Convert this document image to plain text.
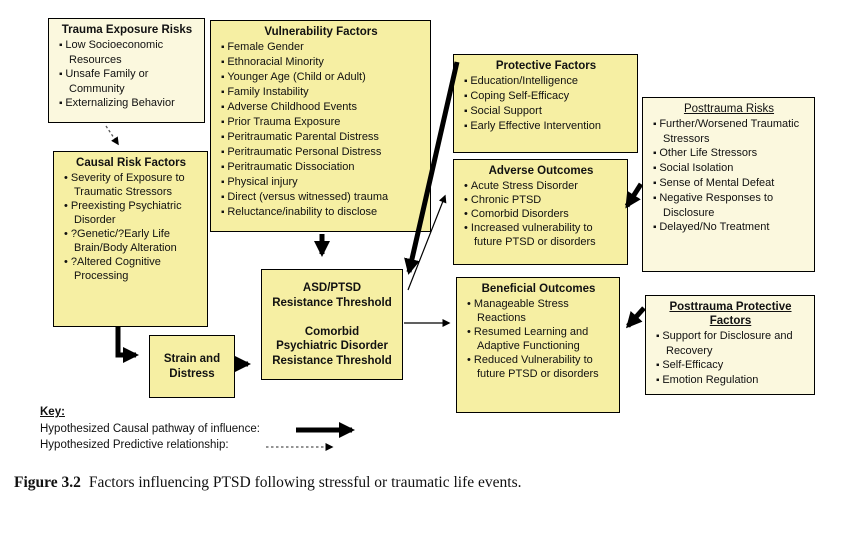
Trauma Exposure Risks
▪ Low Socioeconomic Resources
▪ Unsafe Family or Community
▪ Externalizing Behavior
Causal Risk Factors
• Severity of Exposure to Traumatic Stressors
• Preexisting Psychiatric Disorder
• ?Genetic/?Early Life Brain/Body Alteration
• ?Altered Cognitive Processing
Vulnerability Factors
▪ Female Gender
▪ Ethnoracial Minority
▪ Younger Age (Child or Adult)
▪ Family Instability
▪ Adverse Childhood Events
▪ Prior Trauma Exposure
▪ Peritraumatic Parental Distress
▪ Peritraumatic Personal Distress
▪ Peritraumatic Dissociation
▪ Physical injury
▪ Direct (versus witnessed) trauma
▪ Reluctance/inability to disclose
Protective Factors
▪ Education/Intelligence
▪ Coping Self-Efficacy
▪ Social Support
▪ Early Effective Intervention
Posttrauma Risks
▪ Further/Worsened Traumatic Stressors
▪ Other Life Stressors
▪ Social Isolation
▪ Sense of Mental Defeat
▪ Negative Responses to Disclosure
▪ Delayed/No Treatment
Adverse Outcomes
• Acute Stress Disorder
• Chronic PTSD
• Comorbid Disorders
• Increased vulnerability to future PTSD or disorders
Beneficial Outcomes
• Manageable Stress Reactions
• Resumed Learning and Adaptive Functioning
• Reduced Vulnerability to future PTSD or disorders
Posttrauma Protective Factors
▪ Support for Disclosure and Recovery
▪ Self-Efficacy
▪ Emotion Regulation
ASD/PTSD
Resistance Threshold
Comorbid
Psychiatric Disorder
Resistance Threshold
Strain and Distress
Key:
Hypothesized Causal pathway of influence:
Hypothesized Predictive relationship:
Figure 3.2 Factors influencing PTSD following stressful or traumatic life events.
